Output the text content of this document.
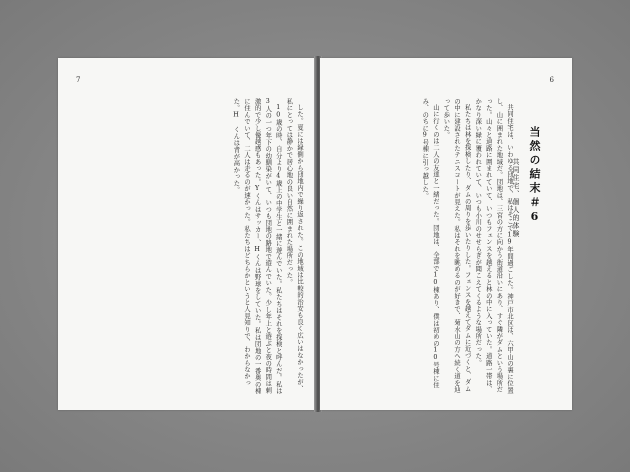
7

した。夏には縁側から団地内で繰り返された。この地域は比較的治安も良く広いはなかったが、私にとっては静かで居心地の良い自然に囲まれた場所だった。

10歳の時、自分より4歳上の中学生と一緒に遊んでいた。私たちはそれを探検と呼んだ。私は3人の一つ年下の幼馴染がいて、いつも団地の路地で遊んでいた。少し年上と遊ぶと夜の時間は刺激的で少し優越感もあった。Yくんはサッカー、Hくんは野球をしていた。私は団地の一番奥の棟に住んでいて、二人は走るのが速かった。私たちはどちらかというと人見知りで、わからなかった。H くんは背が高かった。

6
当然の結末＃6
共同住宅、個人的体験

共同住宅は、いわゆる団地で、私はそこで19年間過ごした。神戸市北区は、六甲山の裏に位置し、山に囲まれた地域だ。団地は、三宮の方に向かう街道沿いにあり、すぐ隣がダムという場所だった。山々と道路に囲まれていて、いつもフェンスを越えると林の中に入っていた。道路一帯は、かなり深い緑に覆われていて、いつも小川のせせらぎが聞こえてくるような場所だった。

私たちは林を探検したり、ダムの周りを歩いたりした。フェンスを越えてダムに近づくと、ダムの中に建設されたテニスコートが見えた。私はそれを眺めるのが好きで、菊水山の方へ続く道を辿って歩いた。

山に行くのは二人の友達と一緒だった。団地は、全部で10棟あり、僕は初めの10号棟に住み、のちに9号棟に引っ越した。
